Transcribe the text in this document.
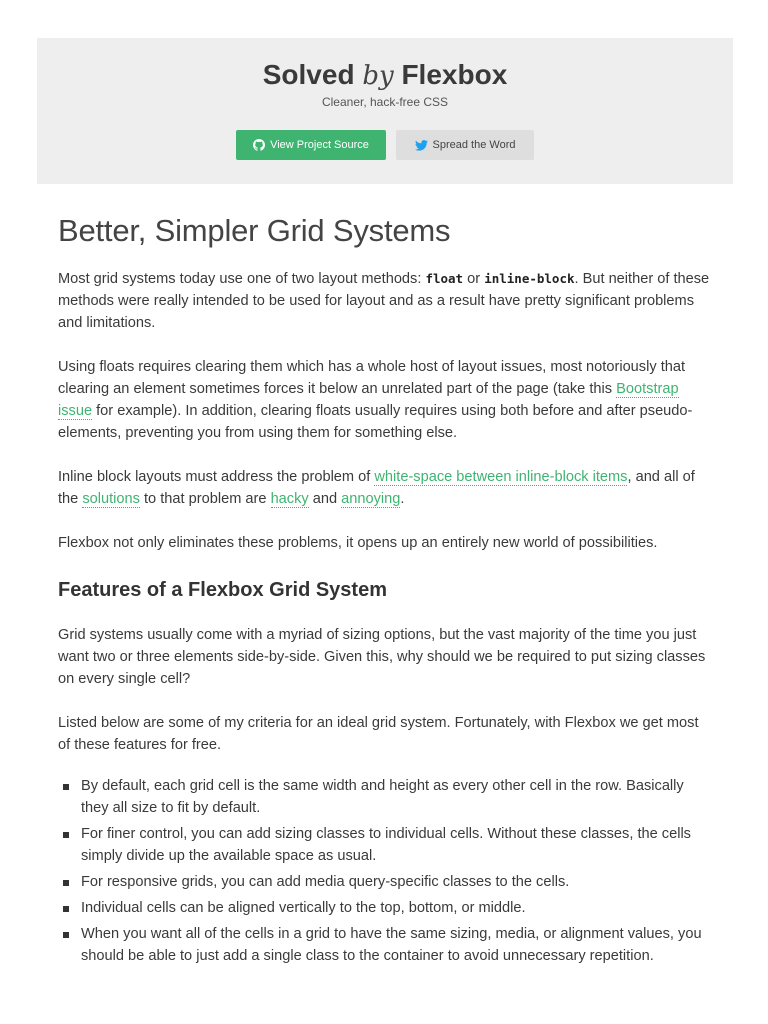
Solved by Flexbox
Cleaner, hack-free CSS
View Project Source	Spread the Word
Better, Simpler Grid Systems

Most grid systems today use one of two layout methods: float or inline-block. But neither of these methods were really intended to be used for layout and as a result have pretty significant problems and limitations.

Using floats requires clearing them which has a whole host of layout issues, most notoriously that clearing an element sometimes forces it below an unrelated part of the page (take this Bootstrap issue for example). In addition, clearing floats usually requires using both before and after pseudo-elements, preventing you from using them for something else.

Inline block layouts must address the problem of white-space between inline-block items, and all of the solutions to that problem are hacky and annoying.

Flexbox not only eliminates these problems, it opens up an entirely new world of possibilities.

Features of a Flexbox Grid System

Grid systems usually come with a myriad of sizing options, but the vast majority of the time you just want two or three elements side-by-side. Given this, why should we be required to put sizing classes on every single cell?

Listed below are some of my criteria for an ideal grid system. Fortunately, with Flexbox we get most of these features for free.

By default, each grid cell is the same width and height as every other cell in the row. Basically they all size to fit by default.
For finer control, you can add sizing classes to individual cells. Without these classes, the cells simply divide up the available space as usual.
For responsive grids, you can add media query-specific classes to the cells.
Individual cells can be aligned vertically to the top, bottom, or middle.
When you want all of the cells in a grid to have the same sizing, media, or alignment values, you should be able to just add a single class to the container to avoid unnecessary repetition.
